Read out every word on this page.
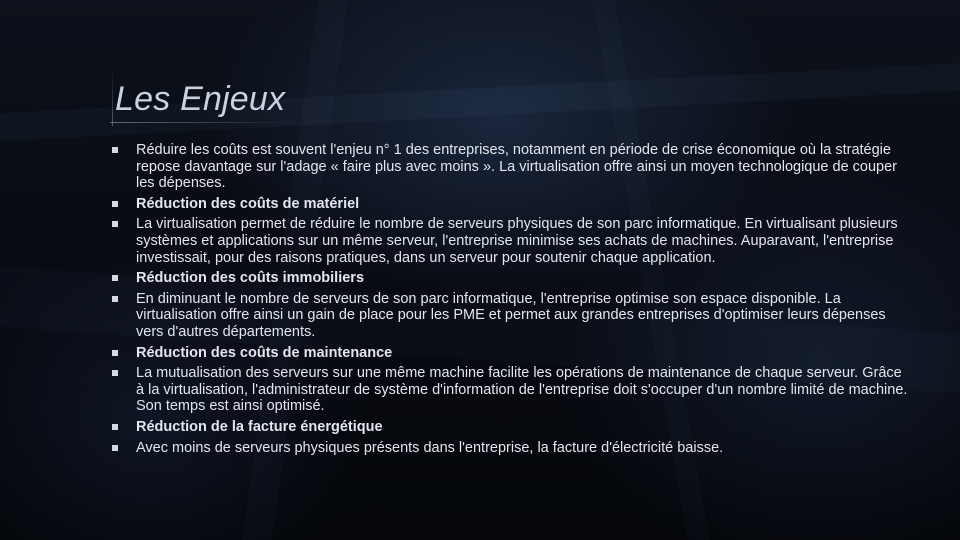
Les Enjeux
Réduire les coûts est souvent l'enjeu n° 1 des entreprises, notamment en période de crise économique où la stratégie repose davantage sur l'adage « faire plus avec moins ». La virtualisation offre ainsi un moyen technologique de couper les dépenses.
Réduction des coûts de matériel
La virtualisation permet de réduire le nombre de serveurs physiques de son parc informatique. En virtualisant plusieurs systèmes et applications sur un même serveur, l'entreprise minimise ses achats de machines. Auparavant, l'entreprise investissait, pour des raisons pratiques, dans un serveur pour soutenir chaque application.
Réduction des coûts immobiliers
En diminuant le nombre de serveurs de son parc informatique, l'entreprise optimise son espace disponible. La virtualisation offre ainsi un gain de place pour les PME et permet aux grandes entreprises d'optimiser leurs dépenses vers d'autres départements.
Réduction des coûts de maintenance
La mutualisation des serveurs sur une même machine facilite les opérations de maintenance de chaque serveur. Grâce à la virtualisation, l'administrateur de système d'information de l'entreprise doit s'occuper d'un nombre limité de machine. Son temps est ainsi optimisé.
Réduction de la facture énergétique
Avec moins de serveurs physiques présents dans l'entreprise, la facture d'électricité baisse.
